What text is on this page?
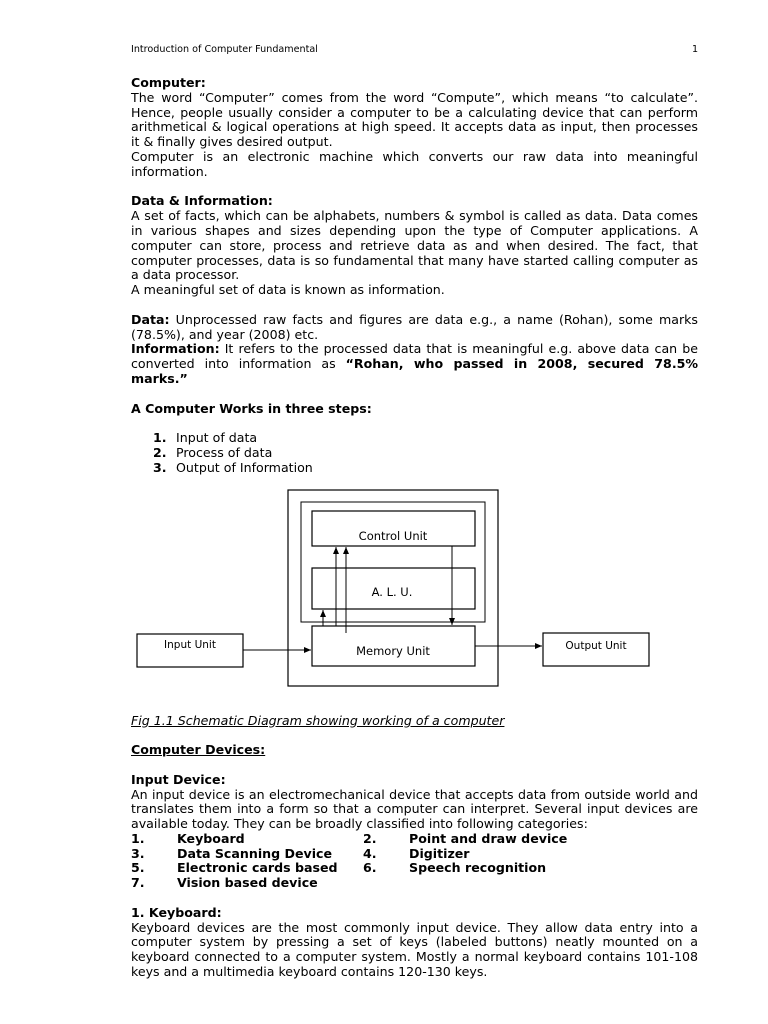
Introduction of Computer Fundamental	1

Computer:

The word “Computer” comes from the word “Compute”, which means “to calculate”. Hence, people usually consider a computer to be a calculating device that can perform arithmetical & logical operations at high speed. It accepts data as input, then processes it & finally gives desired output.

Computer is an electronic machine which converts our raw data into meaningful information.

Data & Information:

A set of facts, which can be alphabets, numbers & symbol is called as data. Data comes in various shapes and sizes depending upon the type of Computer applications. A computer can store, process and retrieve data as and when desired. The fact, that computer processes, data is so fundamental that many have started calling computer as a data processor.

A meaningful set of data is known as information.

Data: Unprocessed raw facts and figures are data e.g., a name (Rohan), some marks (78.5%), and year (2008) etc.

Information: It refers to the processed data that is meaningful e.g. above data can be converted into information as “Rohan, who passed in 2008, secured 78.5% marks.”

A Computer Works in three steps:

1. Input of data
2. Process of data
3. Output of Information
Control Unit
A. L. U.
Memory Unit
Input Unit	Output Unit

Fig 1.1 Schematic Diagram showing working of a computer

Computer Devices:

Input Device:

An input device is an electromechanical device that accepts data from outside world and translates them into a form so that a computer can interpret. Several input devices are available today. They can be broadly classified into following categories:

1.	Keyboard	2.	Point and draw device
3.	Data Scanning Device	4.	Digitizer
5.	Electronic cards based	6.	Speech recognition
7.	Vision based device		

1. Keyboard:

Keyboard devices are the most commonly input device. They allow data entry into a computer system by pressing a set of keys (labeled buttons) neatly mounted on a keyboard connected to a computer system. Mostly a normal keyboard contains 101-108 keys and a multimedia keyboard contains 120-130 keys.
